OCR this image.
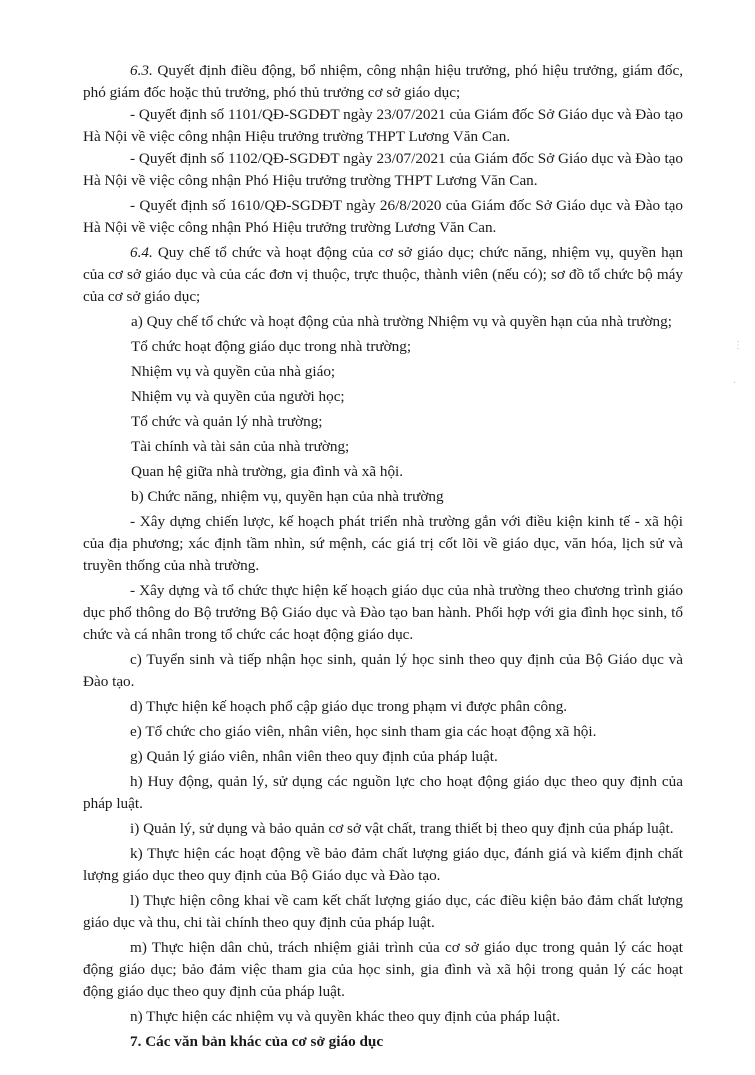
6.3. Quyết định điều động, bổ nhiệm, công nhận hiệu trưởng, phó hiệu trưởng, giám đốc, phó giám đốc hoặc thủ trưởng, phó thủ trưởng cơ sở giáo dục;

- Quyết định số 1101/QĐ-SGDĐT ngày 23/07/2021 của Giám đốc Sở Giáo dục và Đào tạo Hà Nội về việc công nhận Hiệu trưởng trường THPT Lương Văn Can.

- Quyết định số 1102/QĐ-SGDĐT ngày 23/07/2021 của Giám đốc Sở Giáo dục và Đào tạo Hà Nội về việc công nhận Phó Hiệu trưởng trường THPT Lương Văn Can.

- Quyết định số 1610/QĐ-SGDĐT ngày 26/8/2020 của Giám đốc Sở Giáo dục và Đào tạo Hà Nội về việc công nhận Phó Hiệu trưởng trường Lương Văn Can.

6.4. Quy chế tổ chức và hoạt động của cơ sở giáo dục; chức năng, nhiệm vụ, quyền hạn của cơ sở giáo dục và của các đơn vị thuộc, trực thuộc, thành viên (nếu có); sơ đồ tổ chức bộ máy của cơ sở giáo dục;

a) Quy chế tổ chức và hoạt động của nhà trường Nhiệm vụ và quyền hạn của nhà trường;

Tổ chức hoạt động giáo dục trong nhà trường;

Nhiệm vụ và quyền của nhà giáo;

Nhiệm vụ và quyền của người học;

Tổ chức và quản lý nhà trường;

Tài chính và tài sản của nhà trường;

Quan hệ giữa nhà trường, gia đình và xã hội.

b) Chức năng, nhiệm vụ, quyền hạn của nhà trường

- Xây dựng chiến lược, kế hoạch phát triển nhà trường gắn với điều kiện kinh tế - xã hội của địa phương; xác định tầm nhìn, sứ mệnh, các giá trị cốt lõi về giáo dục, văn hóa, lịch sử và truyền thống của nhà trường.

- Xây dựng và tổ chức thực hiện kế hoạch giáo dục của nhà trường theo chương trình giáo dục phổ thông do Bộ trưởng Bộ Giáo dục và Đào tạo ban hành. Phối hợp với gia đình học sinh, tổ chức và cá nhân trong tổ chức các hoạt động giáo dục.

c) Tuyển sinh và tiếp nhận học sinh, quản lý học sinh theo quy định của Bộ Giáo dục và Đào tạo.

d) Thực hiện kế hoạch phổ cập giáo dục trong phạm vi được phân công.

e) Tổ chức cho giáo viên, nhân viên, học sinh tham gia các hoạt động xã hội.

g) Quản lý giáo viên, nhân viên theo quy định của pháp luật.

h) Huy động, quản lý, sử dụng các nguồn lực cho hoạt động giáo dục theo quy định của pháp luật.

i) Quản lý, sử dụng và bảo quản cơ sở vật chất, trang thiết bị theo quy định của pháp luật.

k) Thực hiện các hoạt động về bảo đảm chất lượng giáo dục, đánh giá và kiểm định chất lượng giáo dục theo quy định của Bộ Giáo dục và Đào tạo.

l) Thực hiện công khai về cam kết chất lượng giáo dục, các điều kiện bảo đảm chất lượng giáo dục và thu, chi tài chính theo quy định của pháp luật.

m) Thực hiện dân chủ, trách nhiệm giải trình của cơ sở giáo dục trong quản lý các hoạt động giáo dục; bảo đảm việc tham gia của học sinh, gia đình và xã hội trong quản lý các hoạt động giáo dục theo quy định của pháp luật.

n) Thực hiện các nhiệm vụ và quyền khác theo quy định của pháp luật.

7. Các văn bản khác của cơ sở giáo dục

⋮
·
